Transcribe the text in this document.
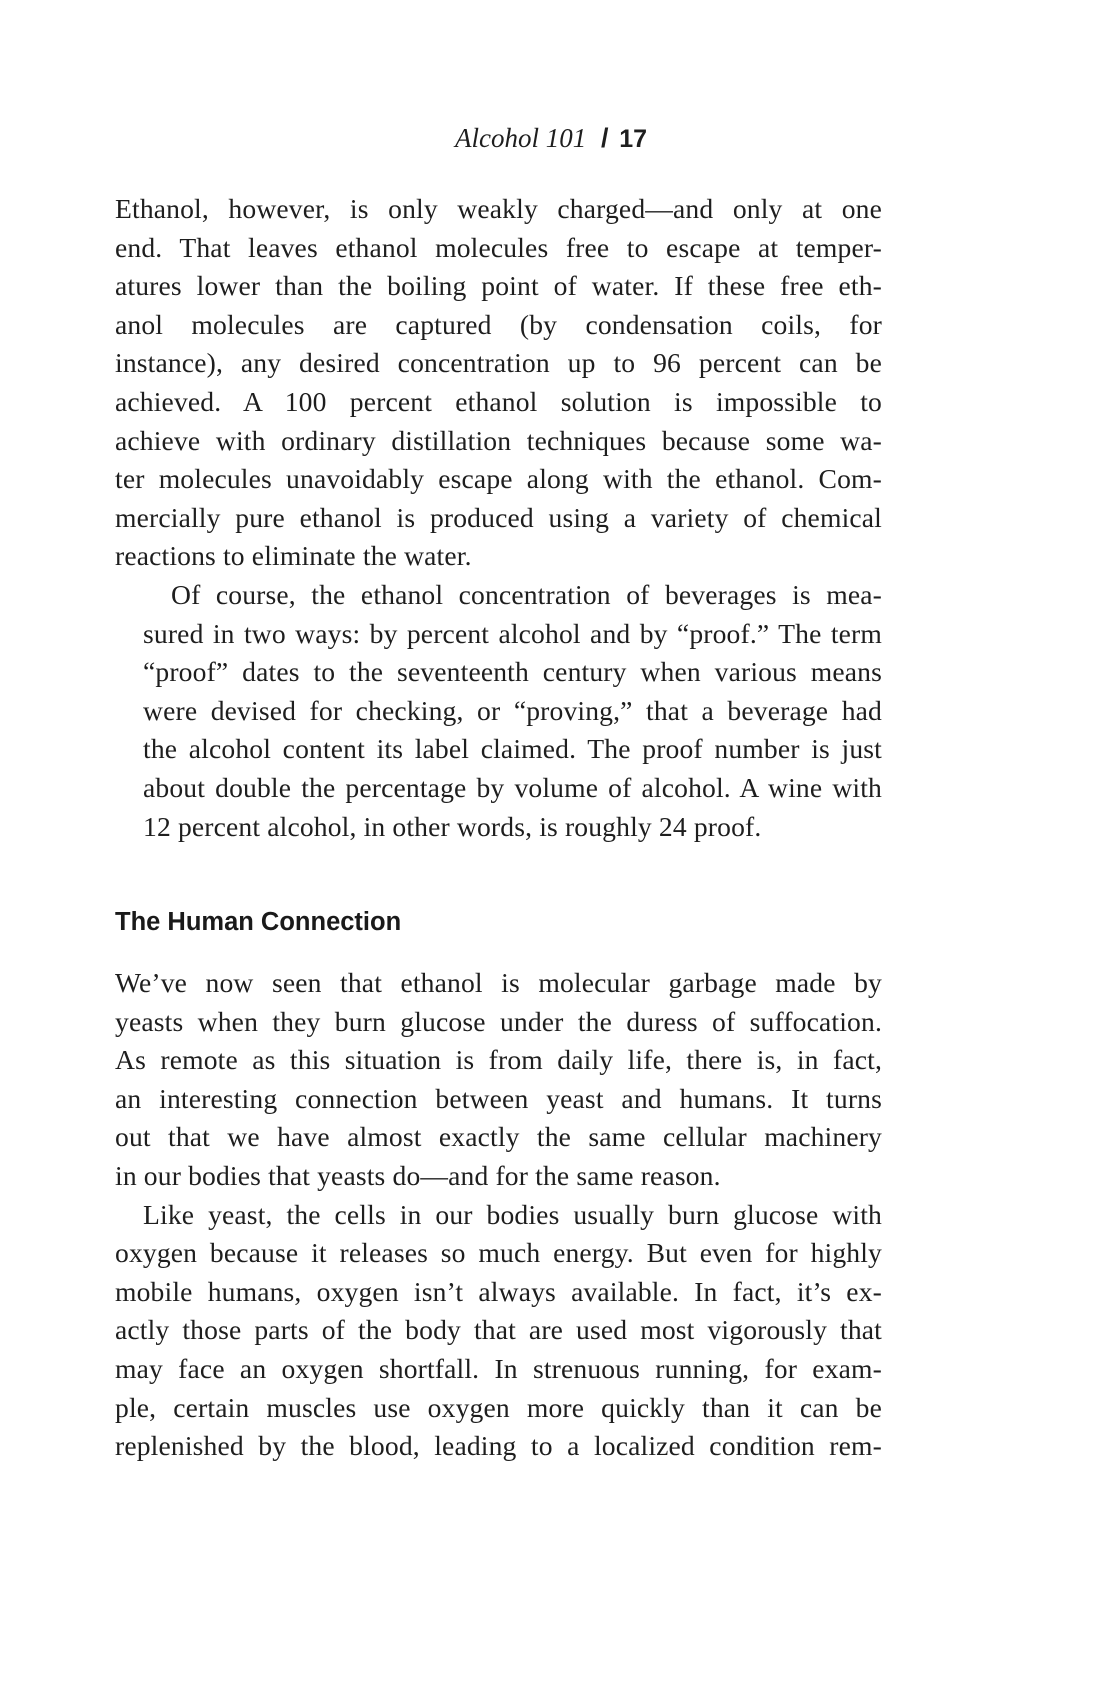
Alcohol 101 / 17

Ethanol, however, is only weakly charged—and only at one
end. That leaves ethanol molecules free to escape at temper-
atures lower than the boiling point of water. If these free eth-
anol molecules are captured (by condensation coils, for
instance), any desired concentration up to 96 percent can be
achieved. A 100 percent ethanol solution is impossible to
achieve with ordinary distillation techniques because some wa-
ter molecules unavoidably escape along with the ethanol. Com-
mercially pure ethanol is produced using a variety of chemical
reactions to eliminate the water.

Of course, the ethanol concentration of beverages is mea-
sured in two ways: by percent alcohol and by “proof.” The term
“proof” dates to the seventeenth century when various means
were devised for checking, or “proving,” that a beverage had
the alcohol content its label claimed. The proof number is just
about double the percentage by volume of alcohol. A wine with
12 percent alcohol, in other words, is roughly 24 proof.

The Human Connection

We’ve now seen that ethanol is molecular garbage made by
yeasts when they burn glucose under the duress of suffocation.
As remote as this situation is from daily life, there is, in fact,
an interesting connection between yeast and humans. It turns
out that we have almost exactly the same cellular machinery
in our bodies that yeasts do—and for the same reason.

Like yeast, the cells in our bodies usually burn glucose with
oxygen because it releases so much energy. But even for highly
mobile humans, oxygen isn’t always available. In fact, it’s ex-
actly those parts of the body that are used most vigorously that
may face an oxygen shortfall. In strenuous running, for exam-
ple, certain muscles use oxygen more quickly than it can be
replenished by the blood, leading to a localized condition rem-
